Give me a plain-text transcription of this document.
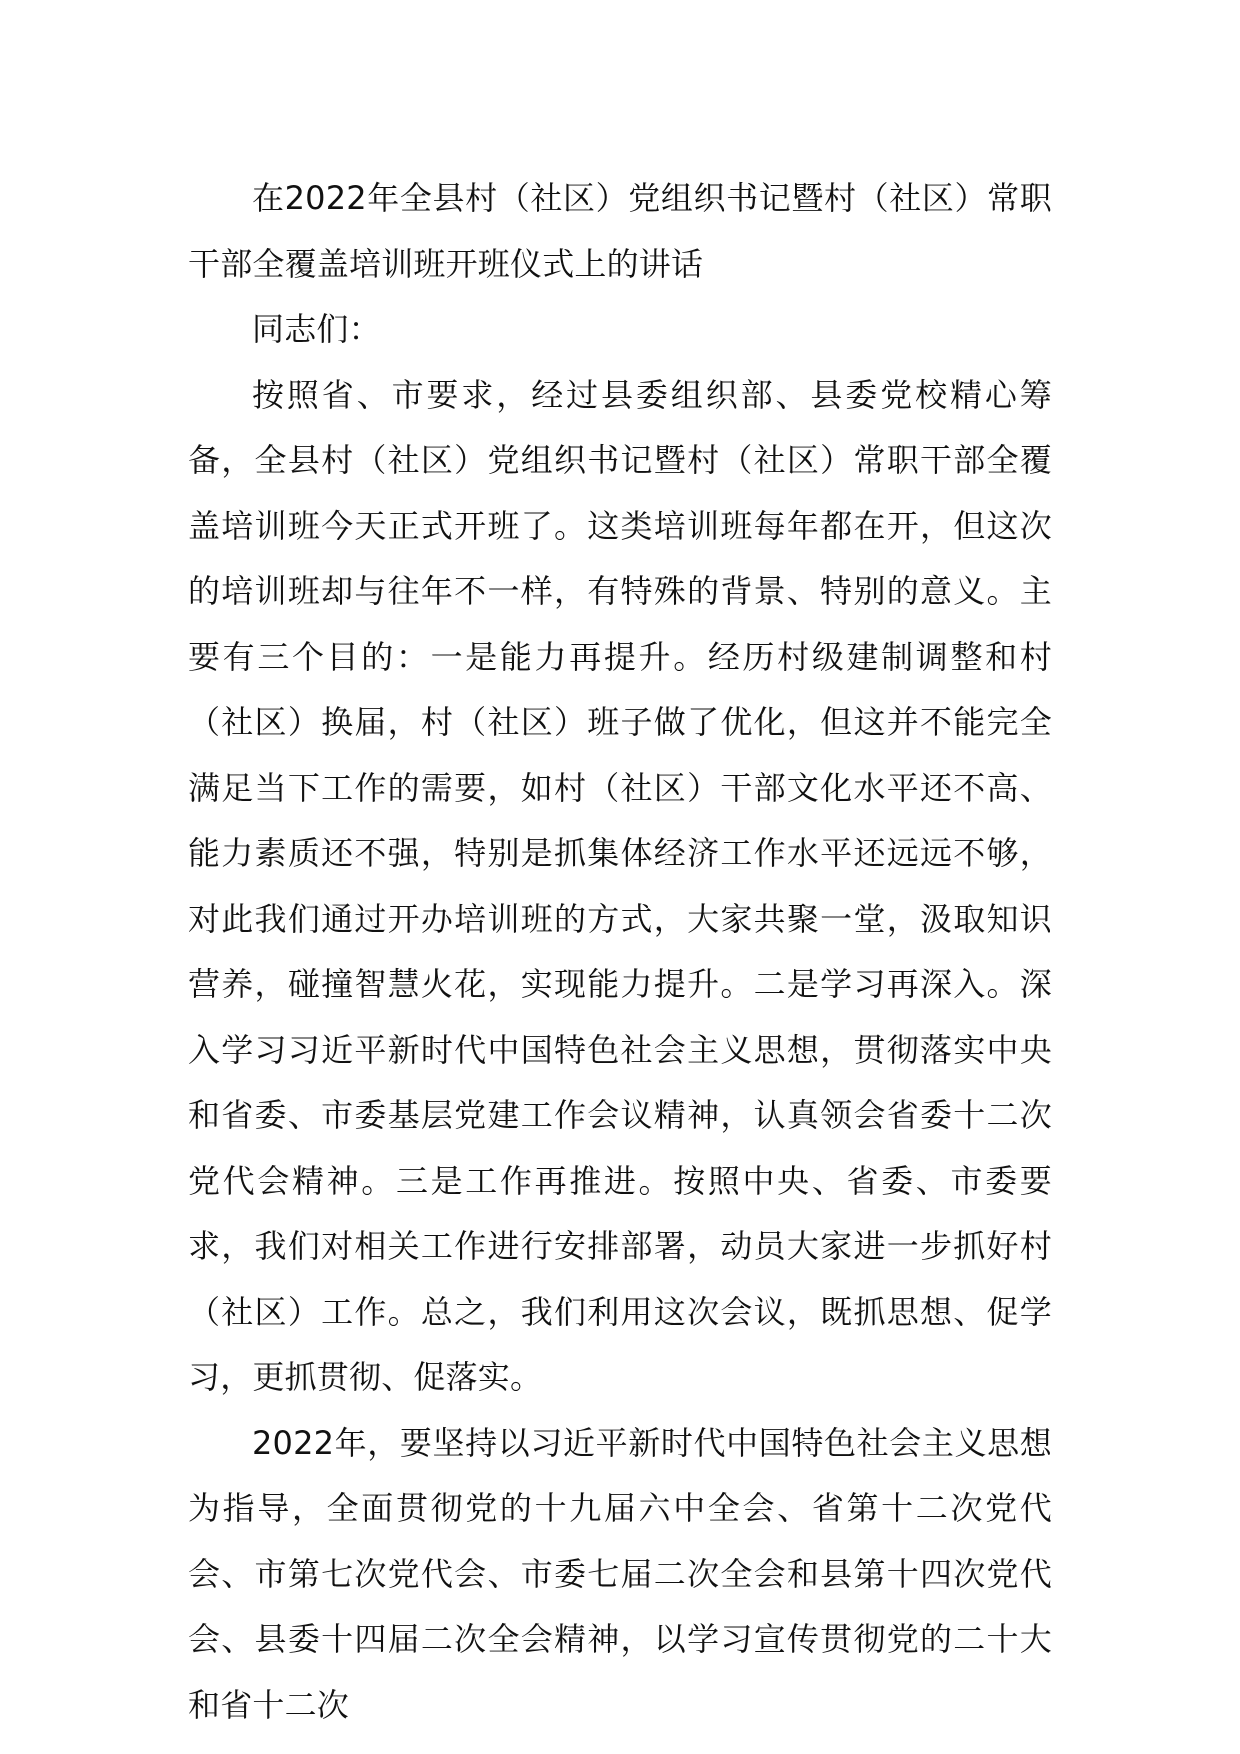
在2022年全县村（社区）党组织书记暨村（社区）常职干部全覆盖培训班开班仪式上的讲话

同志们：

按照省、市要求，经过县委组织部、县委党校精心筹备，全县村（社区）党组织书记暨村（社区）常职干部全覆盖培训班今天正式开班了。这类培训班每年都在开，但这次的培训班却与往年不一样，有特殊的背景、特别的意义。主要有三个目的：一是能力再提升。经历村级建制调整和村（社区）换届，村（社区）班子做了优化，但这并不能完全满足当下工作的需要，如村（社区）干部文化水平还不高、能力素质还不强，特别是抓集体经济工作水平还远远不够，对此我们通过开办培训班的方式，大家共聚一堂，汲取知识营养，碰撞智慧火花，实现能力提升。二是学习再深入。深入学习习近平新时代中国特色社会主义思想，贯彻落实中央和省委、市委基层党建工作会议精神，认真领会省委十二次党代会精神。三是工作再推进。按照中央、省委、市委要求，我们对相关工作进行安排部署，动员大家进一步抓好村（社区）工作。总之，我们利用这次会议，既抓思想、促学习，更抓贯彻、促落实。

2022年，要坚持以习近平新时代中国特色社会主义思想为指导，全面贯彻党的十九届六中全会、省第十二次党代会、市第七次党代会、市委七届二次全会和县第十四次党代会、县委十四届二次全会精神，以学习宣传贯彻党的二十大和省十二次
